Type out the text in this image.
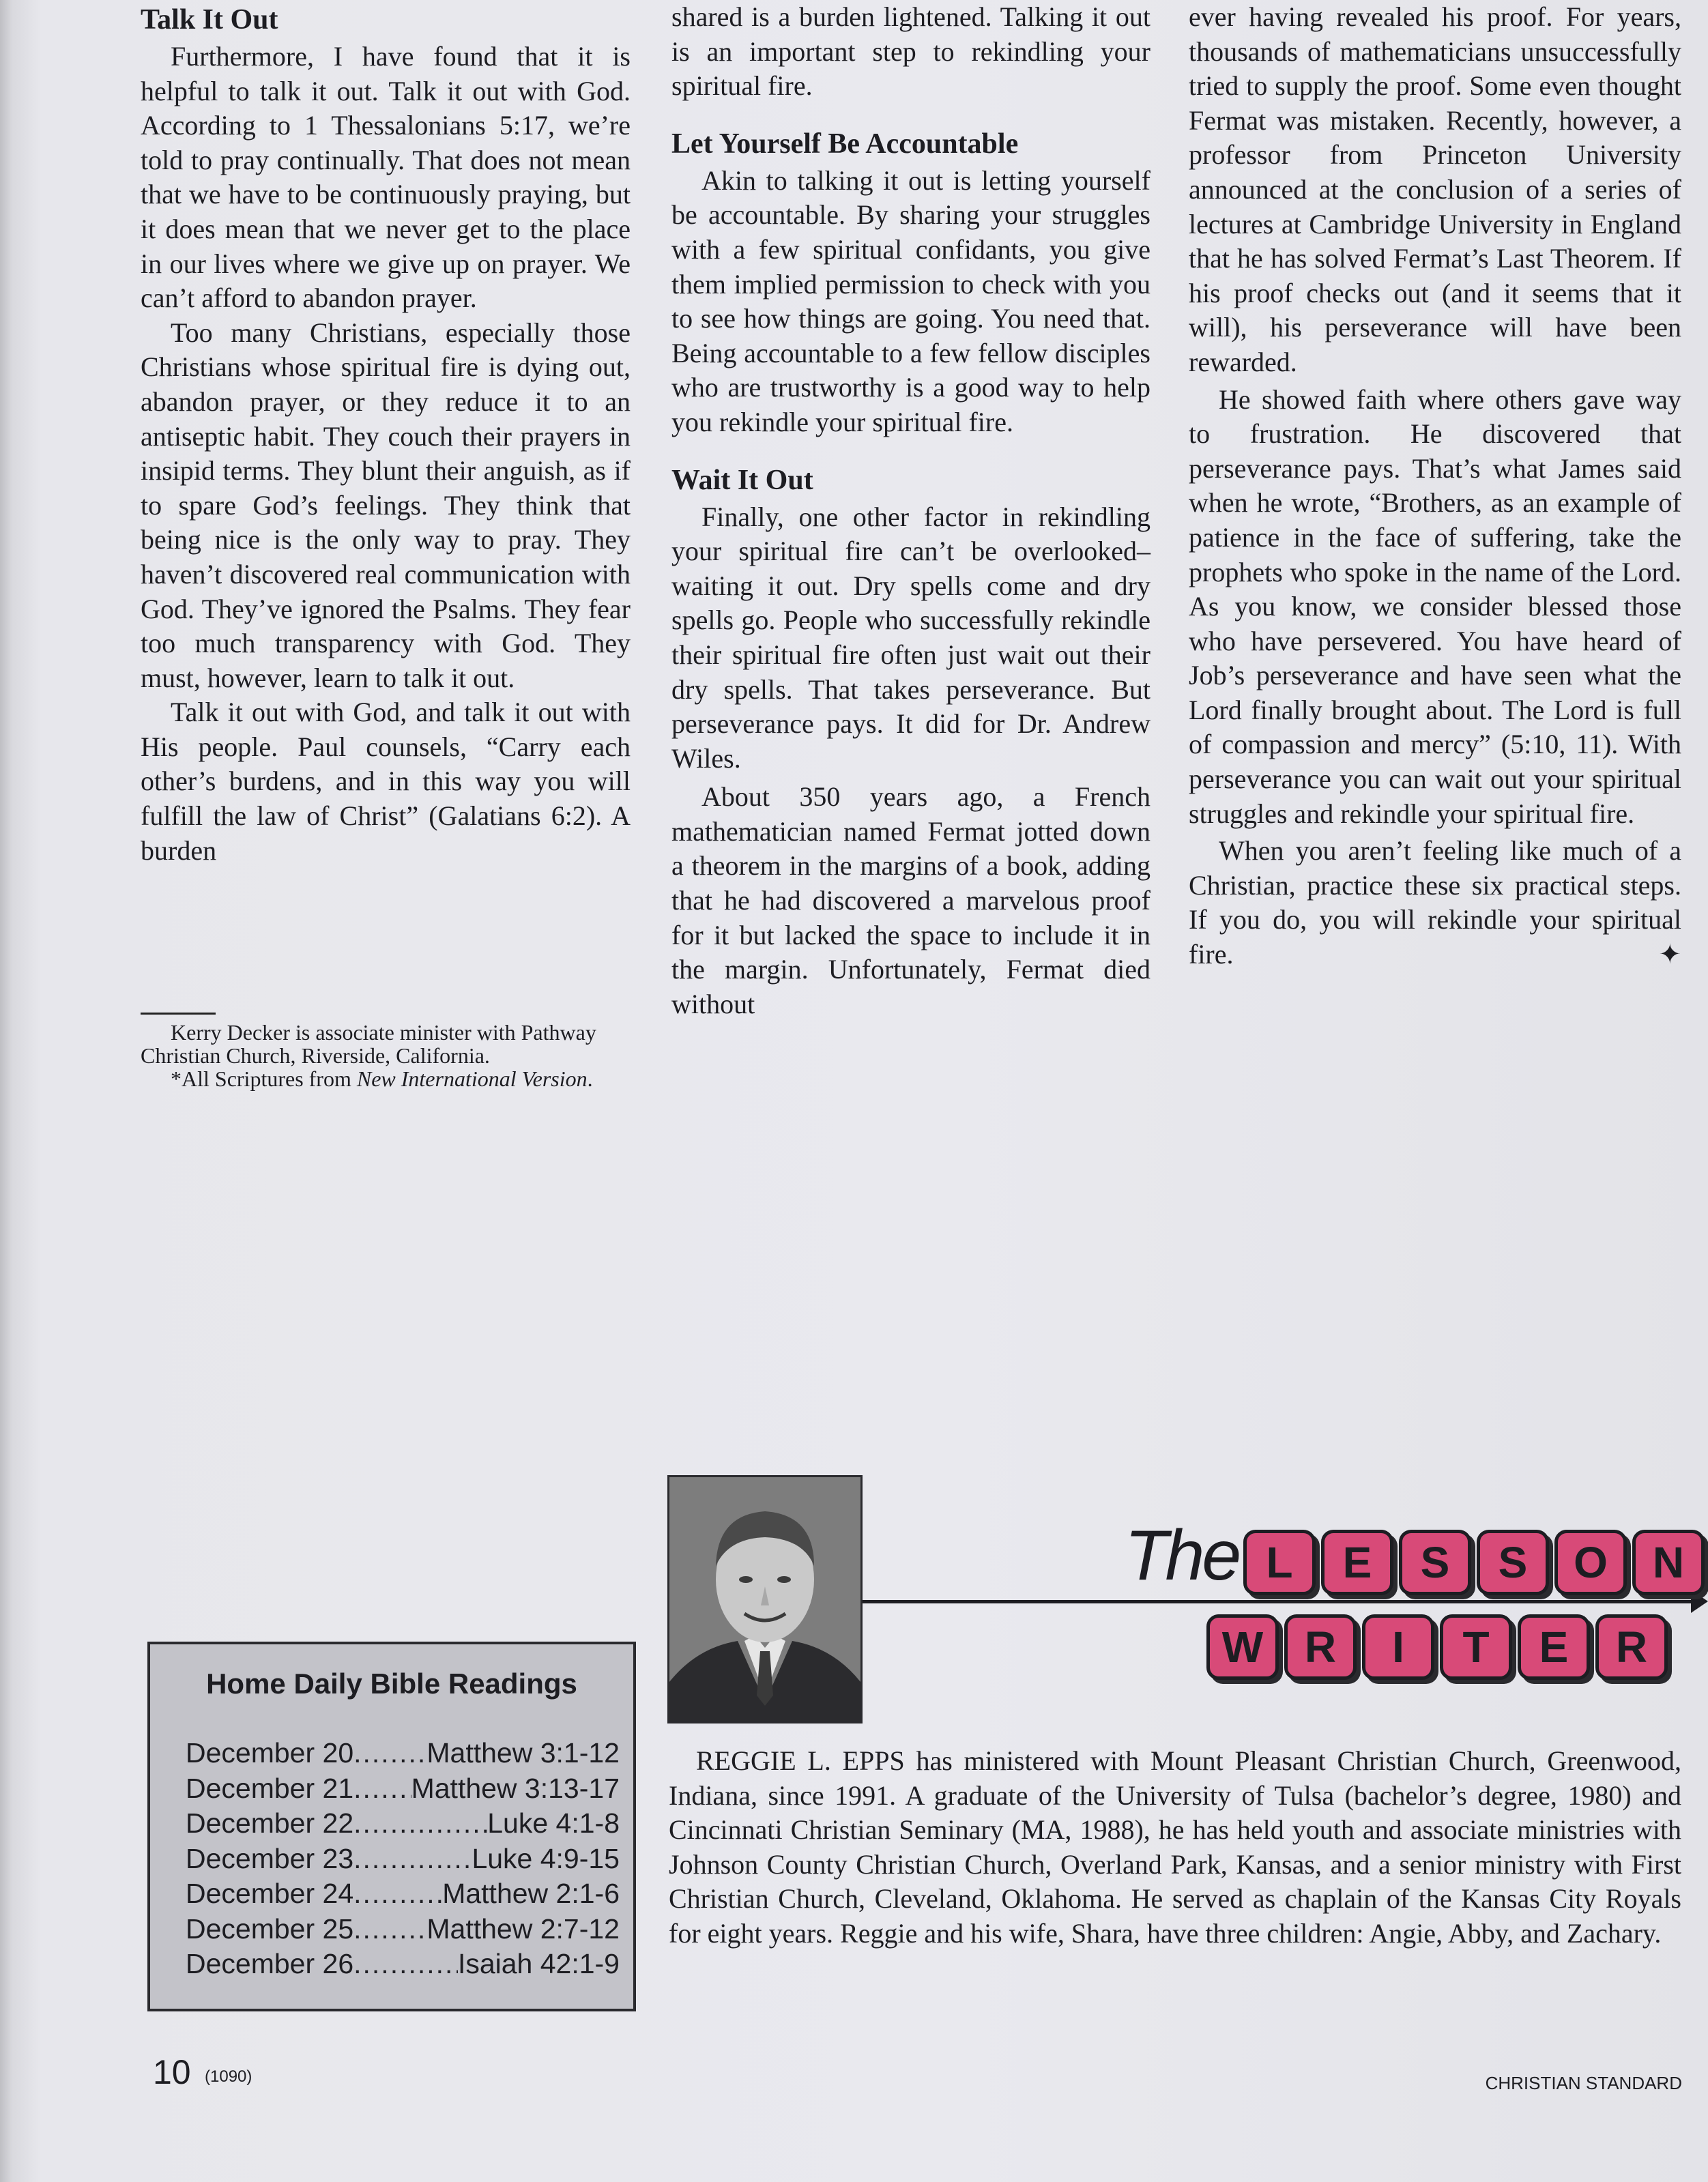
Talk It Out

Furthermore, I have found that it is helpful to talk it out. Talk it out with God. According to 1 Thessalonians 5:17, we’re told to pray continually. That does not mean that we have to be continuously praying, but it does mean that we never get to the place in our lives where we give up on prayer. We can’t afford to abandon prayer.

Too many Christians, especially those Christians whose spiritual fire is dying out, abandon prayer, or they reduce it to an antiseptic habit. They couch their prayers in insipid terms. They blunt their anguish, as if to spare God’s feelings. They think that being nice is the only way to pray. They haven’t discovered real communication with God. They’ve ignored the Psalms. They fear too much transparency with God. They must, however, learn to talk it out.

Talk it out with God, and talk it out with His people. Paul counsels, “Carry each other’s burdens, and in this way you will fulfill the law of Christ” (Galatians 6:2). A burden

Kerry Decker is associate minister with Pathway Christian Church, Riverside, California.

*All Scriptures from New International Version.

shared is a burden lightened. Talking it out is an important step to rekindling your spiritual fire.

Let Yourself Be Accountable

Akin to talking it out is letting yourself be accountable. By sharing your struggles with a few spiritual confidants, you give them implied permission to check with you to see how things are going. You need that. Being accountable to a few fellow disciples who are trustworthy is a good way to help you rekindle your spiritual fire.

Wait It Out

Finally, one other factor in rekindling your spiritual fire can’t be overlooked–waiting it out. Dry spells come and dry spells go. People who successfully rekindle their spiritual fire often just wait out their dry spells. That takes perseverance. But perseverance pays. It did for Dr. Andrew Wiles.

About 350 years ago, a French mathematician named Fermat jotted down a theorem in the margins of a book, adding that he had discovered a marvelous proof for it but lacked the space to include it in the margin. Unfortunately, Fermat died without

ever having revealed his proof. For years, thousands of mathematicians unsuccessfully tried to supply the proof. Some even thought Fermat was mistaken. Recently, however, a professor from Princeton University announced at the conclusion of a series of lectures at Cambridge University in England that he has solved Fermat’s Last Theorem. If his proof checks out (and it seems that it will), his perseverance will have been rewarded.

He showed faith where others gave way to frustration. He discovered that perseverance pays. That’s what James said when he wrote, “Brothers, as an example of patience in the face of suffering, take the prophets who spoke in the name of the Lord. As you know, we consider blessed those who have persevered. You have heard of Job’s perseverance and have seen what the Lord finally brought about. The Lord is full of compassion and mercy” (5:10, 11). With perseverance you can wait out your spiritual struggles and rekindle your spiritual fire.

When you aren’t feeling like much of a Christian, practice these six practical steps. If you do, you will rekindle your spiritual fire.	✦

Home Daily Bible Readings
December 20 .....	Matthew 3:1-12
December 21 ..... Matthew 3:13-17
December 22 .....	Luke 4:1-8
December 23 .....	Luke 4:9-15
December 24 .....	Matthew 2:1-6
December 25 .....	Matthew 2:7-12
December 26 .....	Isaiah 42:1-9
The L	E	S	S	O	N
W R	I	T	E	R

REGGIE L. EPPS has ministered with Mount Pleasant Christian Church, Greenwood, Indiana, since 1991. A graduate of the University of Tulsa (bachelor’s degree, 1980) and Cincinnati Christian Seminary (MA, 1988), he has held youth and associate ministries with Johnson County Christian Church, Overland Park, Kansas, and a senior ministry with First Christian Church, Cleveland, Oklahoma. He served as chaplain of the Kansas City Royals for eight years. Reggie and his wife, Shara, have three children: Angie, Abby, and Zachary.

10 (1090)	CHRISTIAN STANDARD
